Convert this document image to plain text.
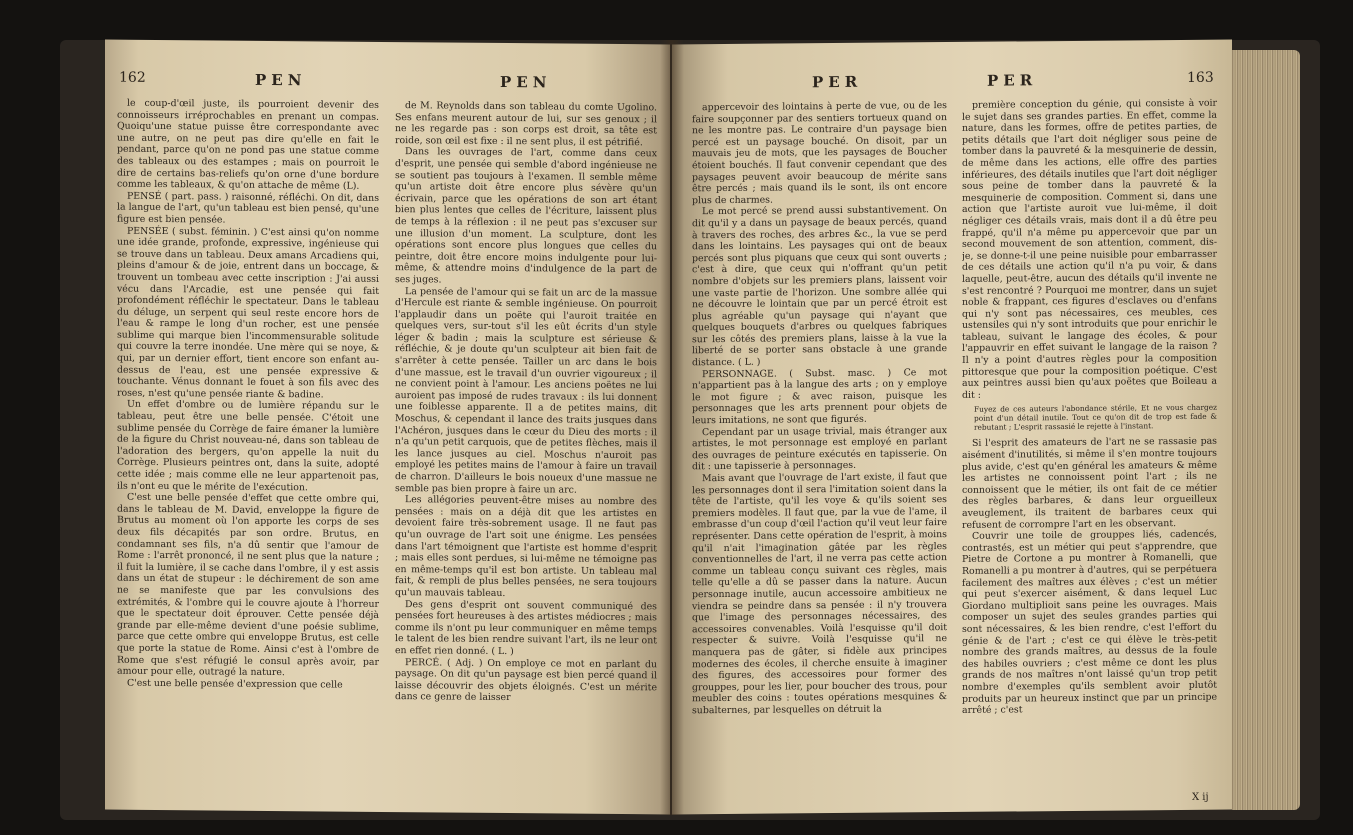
162	PEN	PEN

le coup-d'œil juste, ils pourroient devenir des connoisseurs irréprochables en prenant un compas. Quoiqu'une statue puisse être correspondante avec une autre, on ne peut pas dire qu'elle en fait le pendant, parce qu'on ne pond pas une statue comme des tableaux ou des estampes ; mais on pourroit le dire de certains bas-reliefs qu'on orne d'une bordure comme les tableaux, & qu'on attache de même (L).

PENSÉ ( part. pass. ) raisonné, réfléchi. On dit, dans la langue de l'art, qu'un tableau est bien pensé, qu'une figure est bien pensée.

PENSÉE ( subst. féminin. ) C'est ainsi qu'on nomme une idée grande, profonde, expressive, ingénieuse qui se trouve dans un tableau. Deux amans Arcadiens qui, pleins d'amour & de joie, entrent dans un boccage, & trouvent un tombeau avec cette inscription : J'ai aussi vécu dans l'Arcadie, est une pensée qui fait profondément réfléchir le spectateur. Dans le tableau du déluge, un serpent qui seul reste encore hors de l'eau & rampe le long d'un rocher, est une pensée sublime qui marque bien l'incommensurable solitude qui couvre la terre inondée. Une mère qui se noye, & qui, par un dernier effort, tient encore son enfant au-dessus de l'eau, est une pensée expressive & touchante. Vénus donnant le fouet à son fils avec des roses, n'est qu'une pensée riante & badine.

Un effet d'ombre ou de lumière répandu sur le tableau, peut être une belle pensée. C'étoit une sublime pensée du Corrège de faire émaner la lumière de la figure du Christ nouveau-né, dans son tableau de l'adoration des bergers, qu'on appelle la nuit du Corrège. Plusieurs peintres ont, dans la suite, adopté cette idée ; mais comme elle ne leur appartenoit pas, ils n'ont eu que le mérite de l'exécution.

C'est une belle pensée d'effet que cette ombre qui, dans le tableau de M. David, enveloppe la figure de Brutus au moment où l'on apporte les corps de ses deux fils décapités par son ordre. Brutus, en condamnant ses fils, n'a dû sentir que l'amour de Rome : l'arrêt prononcé, il ne sent plus que la nature ; il fuit la lumière, il se cache dans l'ombre, il y est assis dans un état de stupeur : le déchirement de son ame ne se manifeste que par les convulsions des extrémités, & l'ombre qui le couvre ajoute à l'horreur que le spectateur doit éprouver. Cette pensée déjà grande par elle-même devient d'une poésie sublime, parce que cette ombre qui enveloppe Brutus, est celle que porte la statue de Rome. Ainsi c'est à l'ombre de Rome que s'est réfugié le consul après avoir, par amour pour elle, outragé la nature.

C'est une belle pensée d'expression que celle

de M. Reynolds dans son tableau du comte Ugolino. Ses enfans meurent autour de lui, sur ses genoux ; il ne les regarde pas : son corps est droit, sa tête est roide, son œil est fixe : il ne sent plus, il est pétrifié.

Dans les ouvrages de l'art, comme dans ceux d'esprit, une pensée qui semble d'abord ingénieuse ne se soutient pas toujours à l'examen. Il semble même qu'un artiste doit être encore plus sévère qu'un écrivain, parce que les opérations de son art étant bien plus lentes que celles de l'écriture, laissent plus de temps à la réflexion : il ne peut pas s'excuser sur une illusion d'un moment. La sculpture, dont les opérations sont encore plus longues que celles du peintre, doit être encore moins indulgente pour lui-même, & attendre moins d'indulgence de la part de ses juges.

La pensée de l'amour qui se fait un arc de la massue d'Hercule est riante & semble ingénieuse. On pourroit l'applaudir dans un poëte qui l'auroit traitée en quelques vers, sur-tout s'il les eût écrits d'un style léger & badin ; mais la sculpture est sérieuse & réfléchie, & je doute qu'un sculpteur ait bien fait de s'arrêter à cette pensée. Tailler un arc dans le bois d'une massue, est le travail d'un ouvrier vigoureux ; il ne convient point à l'amour. Les anciens poëtes ne lui auroient pas imposé de rudes travaux : ils lui donnent une foiblesse apparente. Il a de petites mains, dit Moschus, & cependant il lance des traits jusques dans l'Achéron, jusques dans le cœur du Dieu des morts : il n'a qu'un petit carquois, que de petites flèches, mais il les lance jusques au ciel. Moschus n'auroit pas employé les petites mains de l'amour à faire un travail de charron. D'ailleurs le bois noueux d'une massue ne semble pas bien propre à faire un arc.

Les allégories peuvent-être mises au nombre des pensées : mais on a déjà dit que les artistes en devoient faire très-sobrement usage. Il ne faut pas qu'un ouvrage de l'art soit une énigme. Les pensées dans l'art témoignent que l'artiste est homme d'esprit ; mais elles sont perdues, si lui-même ne témoigne pas en même-temps qu'il est bon artiste. Un tableau mal fait, & rempli de plus belles pensées, ne sera toujours qu'un mauvais tableau.

Des gens d'esprit ont souvent communiqué des pensées fort heureuses à des artistes médiocres ; mais comme ils n'ont pu leur communiquer en même temps le talent de les bien rendre suivant l'art, ils ne leur ont en effet rien donné. ( L. )

PERCÉ. ( Adj. ) On employe ce mot en parlant du paysage. On dit qu'un paysage est bien percé quand il laisse découvrir des objets éloignés. C'est un mérite dans ce genre de laisser

PER	PER	163

appercevoir des lointains à perte de vue, ou de les faire soupçonner par des sentiers tortueux quand on ne les montre pas. Le contraire d'un paysage bien percé est un paysage bouché. On disoit, par un mauvais jeu de mots, que les paysages de Boucher étoient bouchés. Il faut convenir cependant que des paysages peuvent avoir beaucoup de mérite sans être percés ; mais quand ils le sont, ils ont encore plus de charmes.

Le mot percé se prend aussi substantivement. On dit qu'il y a dans un paysage de beaux percés, quand à travers des roches, des arbres &c., la vue se perd dans les lointains. Les paysages qui ont de beaux percés sont plus piquans que ceux qui sont ouverts ; c'est à dire, que ceux qui n'offrant qu'un petit nombre d'objets sur les premiers plans, laissent voir une vaste partie de l'horizon. Une sombre allée qui ne découvre le lointain que par un percé étroit est plus agréable qu'un paysage qui n'ayant que quelques bouquets d'arbres ou quelques fabriques sur les côtés des premiers plans, laisse à la vue la liberté de se porter sans obstacle à une grande distance. ( L. )

PERSONNAGE. ( Subst. masc. ) Ce mot n'appartient pas à la langue des arts ; on y employe le mot figure ; & avec raison, puisque les personnages que les arts prennent pour objets de leurs imitations, ne sont que figurés.

Cependant par un usage trivial, mais étranger aux artistes, le mot personnage est employé en parlant des ouvrages de peinture exécutés en tapisserie. On dit : une tapisserie à personnages.

Mais avant que l'ouvrage de l'art existe, il faut que les personnages dont il sera l'imitation soient dans la tête de l'artiste, qu'il les voye & qu'ils soient ses premiers modèles. Il faut que, par la vue de l'ame, il embrasse d'un coup d'œil l'action qu'il veut leur faire représenter. Dans cette opération de l'esprit, à moins qu'il n'ait l'imagination gâtée par les règles conventionnelles de l'art, il ne verra pas cette action comme un tableau conçu suivant ces règles, mais telle qu'elle a dû se passer dans la nature. Aucun personnage inutile, aucun accessoire ambitieux ne viendra se peindre dans sa pensée : il n'y trouvera que l'image des personnages nécessaires, des accessoires convenables. Voilà l'esquisse qu'il doit respecter & suivre. Voilà l'esquisse qu'il ne manquera pas de gâter, si fidèle aux principes modernes des écoles, il cherche ensuite à imaginer des figures, des accessoires pour former des grouppes, pour les lier, pour boucher des trous, pour meubler des coins : toutes opérations mesquines & subalternes, par lesquelles on détruit la

première conception du génie, qui consiste à voir le sujet dans ses grandes parties. En effet, comme la nature, dans les formes, offre de petites parties, de petits détails que l'art doit négliger sous peine de tomber dans la pauvreté & la mesquinerie de dessin, de même dans les actions, elle offre des parties inférieures, des détails inutiles que l'art doit négliger sous peine de tomber dans la pauvreté & la mesquinerie de composition. Comment si, dans une action que l'artiste auroit vue lui-même, il doit négliger ces détails vrais, mais dont il a dû être peu frappé, qu'il n'a même pu appercevoir que par un second mouvement de son attention, comment, dis-je, se donne-t-il une peine nuisible pour embarrasser de ces détails une action qu'il n'a pu voir, & dans laquelle, peut-être, aucun des détails qu'il invente ne s'est rencontré ? Pourquoi me montrer, dans un sujet noble & frappant, ces figures d'esclaves ou d'enfans qui n'y sont pas nécessaires, ces meubles, ces ustensiles qui n'y sont introduits que pour enrichir le tableau, suivant le langage des écoles, & pour l'appauvrir en effet suivant le langage de la raison ? Il n'y a point d'autres règles pour la composition pittoresque que pour la composition poétique. C'est aux peintres aussi bien qu'aux poëtes que Boileau a dit :

Fuyez de ces auteurs l'abondance stérile, Et ne vous chargez point d'un détail inutile. Tout ce qu'on dit de trop est fade & rebutant ; L'esprit rassasié le rejette à l'instant.

Si l'esprit des amateurs de l'art ne se rassasie pas aisément d'inutilités, si même il s'en montre toujours plus avide, c'est qu'en général les amateurs & même les artistes ne connoissent point l'art ; ils ne connoissent que le métier, ils ont fait de ce métier des règles barbares, & dans leur orgueilleux aveuglement, ils traitent de barbares ceux qui refusent de corrompre l'art en les observant.

Couvrir une toile de grouppes liés, cadencés, contrastés, est un métier qui peut s'apprendre, que Pietre de Cortone a pu montrer à Romanelli, que Romanelli a pu montrer à d'autres, qui se perpétuera facilement des maîtres aux élèves ; c'est un métier qui peut s'exercer aisément, & dans lequel Luc Giordano multiplioit sans peine les ouvrages. Mais composer un sujet des seules grandes parties qui sont nécessaires, & les bien rendre, c'est l'effort du génie & de l'art ; c'est ce qui élève le très-petit nombre des grands maîtres, au dessus de la foule des habiles ouvriers ; c'est même ce dont les plus grands de nos maîtres n'ont laissé qu'un trop petit nombre d'exemples qu'ils semblent avoir plutôt produits par un heureux instinct que par un principe arrêté ; c'est

X ij
